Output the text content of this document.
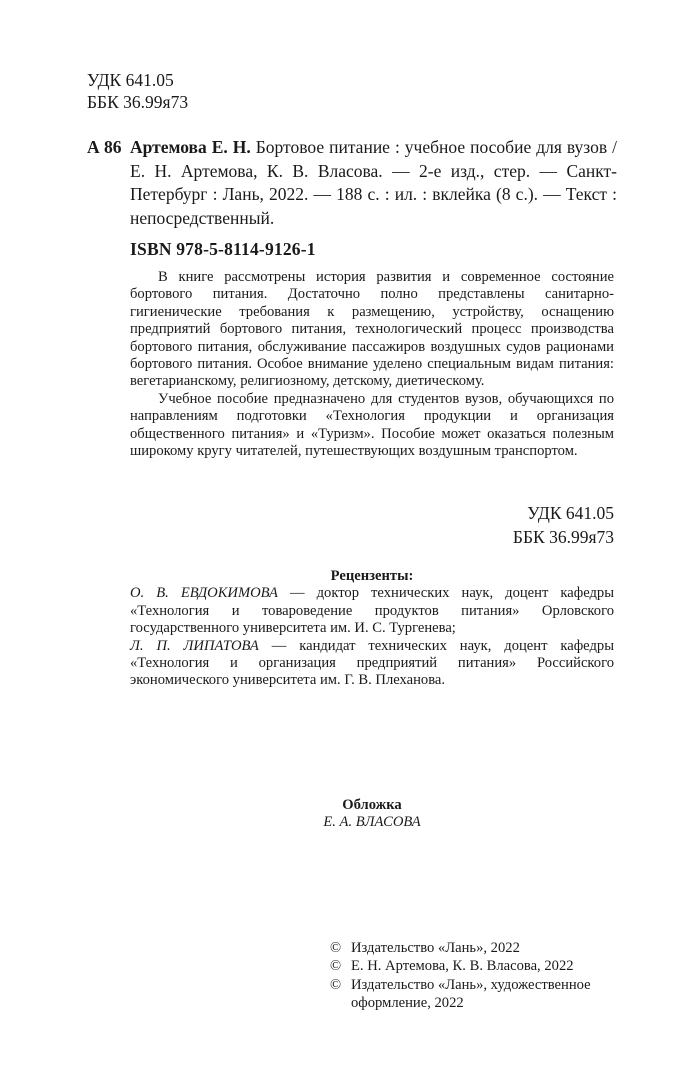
УДК 641.05
ББК 36.99я73
А 86 Артемова Е. Н. Бортовое питание : учебное пособие для вузов / Е. Н. Артемова, К. В. Власова. — 2-е изд., стер. — Санкт-Петербург : Лань, 2022. — 188 с. : ил. : вклейка (8 с.). — Текст : непосредственный.
ISBN 978-5-8114-9126-1

В книге рассмотрены история развития и современное состояние бортового питания. Достаточно полно представлены санитарно-гигиенические требования к размещению, устройству, оснащению предприятий бортового питания, технологический процесс производства бортового питания, обслуживание пассажиров воздушных судов рационами бортового питания. Особое внимание уделено специальным видам питания: вегетарианскому, религиозному, детскому, диетическому.

Учебное пособие предназначено для студентов вузов, обучающихся по направлениям подготовки «Технология продукции и организация общественного питания» и «Туризм». Пособие может оказаться полезным широкому кругу читателей, путешествующих воздушным транспортом.

УДК 641.05
ББК 36.99я73
Рецензенты:
О. В. ЕВДОКИМОВА — доктор технических наук, доцент кафедры «Технология и товароведение продуктов питания» Орловского государственного университета им. И. С. Тургенева;
Л. П. ЛИПАТОВА — кандидат технических наук, доцент кафедры «Технология и организация предприятий питания» Российского экономического университета им. Г. В. Плеханова.
Обложка
Е. А. ВЛАСОВА
© Издательство «Лань», 2022
© Е. Н. Артемова, К. В. Власова, 2022
© Издательство «Лань», художественное оформление, 2022
